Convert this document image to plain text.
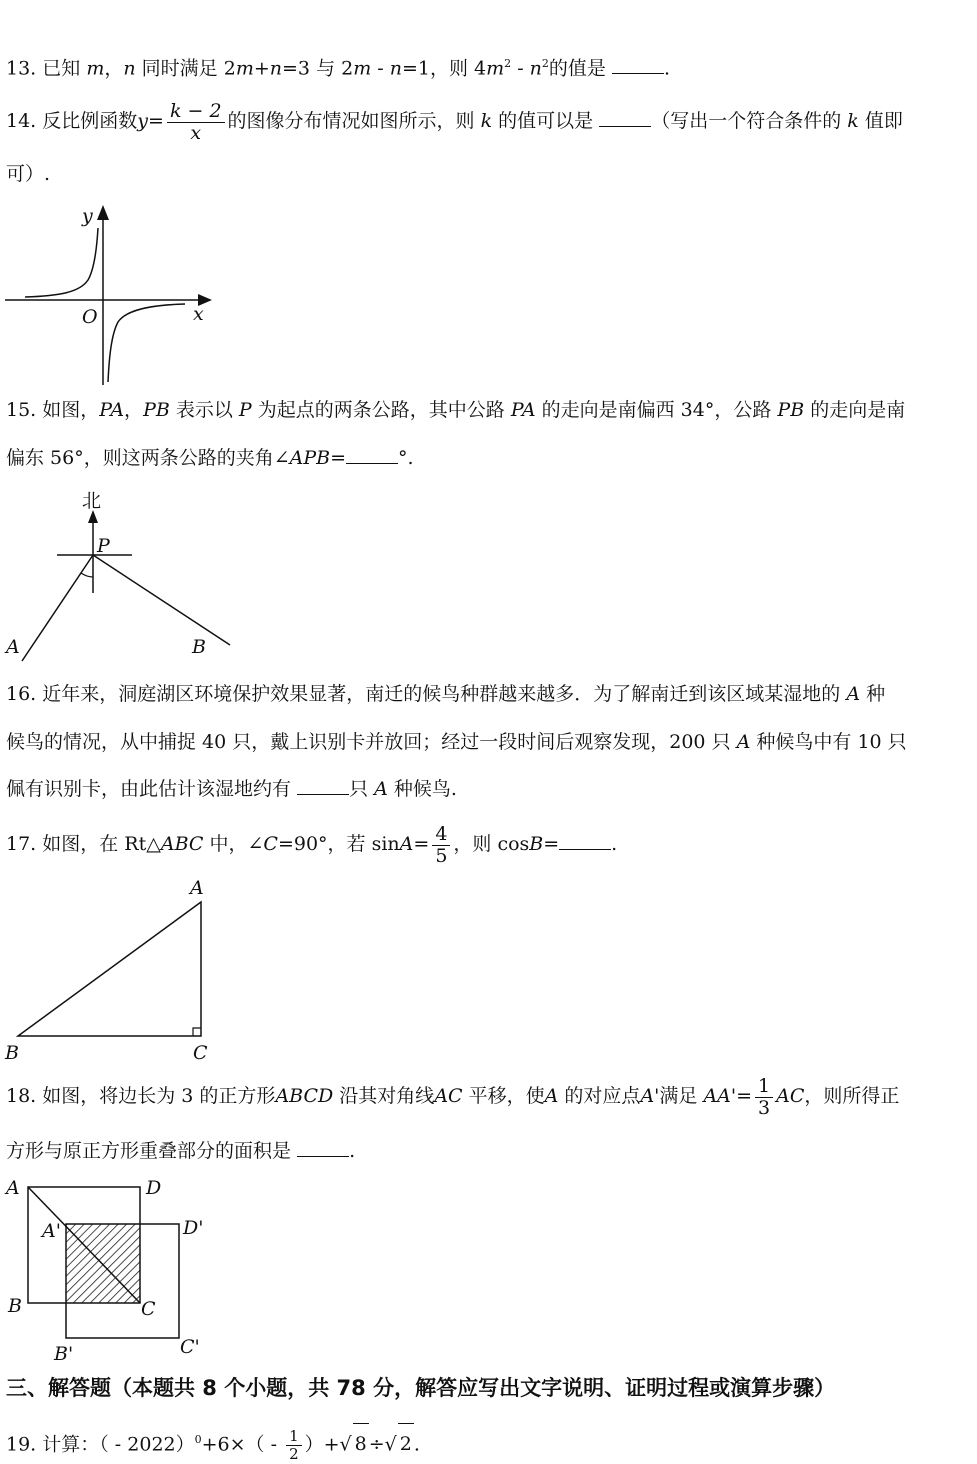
13. 已知 m，n 同时满足 2m+n=3 与 2m - n=1，则 $4m^2 - n^2$的值是	.
14. 反比例函数$y= \frac{k - 2}{x}$ 的图像分布情况如图所示，则 k 的值可以是	（写出一个符合条件的 k 值即
可）.
y
x
O
15. 如图，PA，PB 表示以 P 为起点的两条公路，其中公路 PA 的走向是南偏西 34°，公路 PB 的走向是南
偏东 56°，则这两条公路的夹角∠APB=	°.
北
P
A	B
16. 近年来，洞庭湖区环境保护效果显著，南迁的候鸟种群越来越多．为了解南迁到该区域某湿地的 A 种
候鸟的情况，从中捕捉 40 只，戴上识别卡并放回；经过一段时间后观察发现，200 只 A 种候鸟中有 10 只
佩有识别卡，由此估计该湿地约有	只 A 种候鸟.
17. 如图，在 Rt△ABC 中，∠C=90°，若 $\sin A= \frac{4}{5}$ ，则 cosB=	.
A
B	C
18. 如图，将边长为 3 的正方形ABCD 沿其对角线AC 平移，使A 的对应点A'满足 $AA'= \frac{1}{3}$ AC，则所得正
方形与原正方形重叠部分的面积是	.
A	D
A'	D'
B	C
B'	C'
三、解答题（本题共 8 个小题，共 78 分，解答应写出文字说明、证明过程或演算步骤）
19. 计算：（ - $2022)^0+6\times( - \frac{1}{2}$ ）+√ 8 ÷√ 2 .
